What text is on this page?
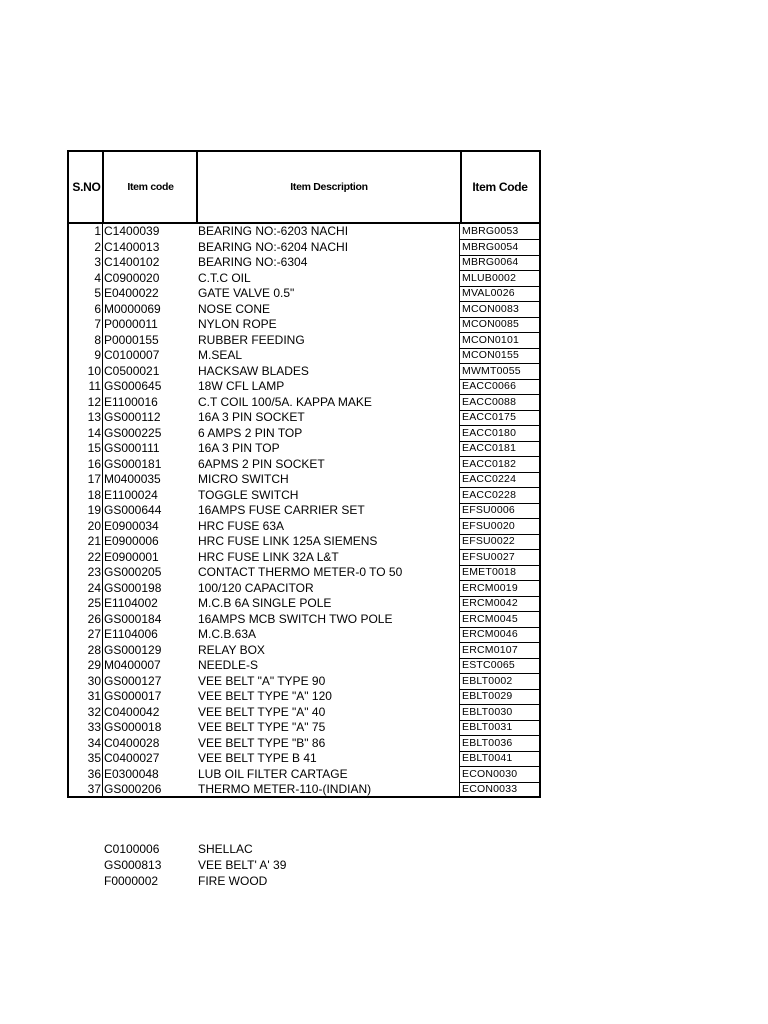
S.NO	Item code	Item Description	Item Code
1 C1400039	BEARING NO:-6203 NACHI	MBRG0053
2 C1400013	BEARING NO:-6204 NACHI	MBRG0054
3 C1400102	BEARING NO:-6304	MBRG0064
4 C0900020	C.T.C OIL	MLUB0002
5 E0400022	GATE VALVE 0.5"	MVAL0026
6 M0000069	NOSE CONE	MCON0083
7 P0000011	NYLON ROPE	MCON0085
8 P0000155	RUBBER FEEDING	MCON0101
9 C0100007	M.SEAL	MCON0155
10 C0500021	HACKSAW BLADES	MWMT0055
11 GS000645	18W CFL LAMP	EACC0066
12 E1100016	C.T COIL 100/5A. KAPPA MAKE	EACC0088
13 GS000112	16A 3 PIN SOCKET	EACC0175
14 GS000225	6 AMPS 2 PIN TOP	EACC0180
15 GS000111	16A 3 PIN TOP	EACC0181
16 GS000181	6APMS 2 PIN SOCKET	EACC0182
17 M0400035	MICRO SWITCH	EACC0224
18 E1100024	TOGGLE SWITCH	EACC0228
19 GS000644	16AMPS FUSE CARRIER SET	EFSU0006
20 E0900034	HRC FUSE 63A	EFSU0020
21 E0900006	HRC FUSE LINK 125A SIEMENS	EFSU0022
22 E0900001	HRC FUSE LINK 32A L&T	EFSU0027
23 GS000205	CONTACT THERMO METER-0 TO 50	EMET0018
24 GS000198	100/120 CAPACITOR	ERCM0019
25 E1104002	M.C.B 6A SINGLE POLE	ERCM0042
26 GS000184	16AMPS MCB SWITCH TWO POLE	ERCM0045
27 E1104006	M.C.B.63A	ERCM0046
28 GS000129	RELAY BOX	ERCM0107
29 M0400007	NEEDLE-S	ESTC0065
30 GS000127	VEE BELT "A" TYPE 90	EBLT0002
31 GS000017	VEE BELT TYPE "A" 120	EBLT0029
32 C0400042	VEE BELT TYPE "A" 40	EBLT0030
33 GS000018	VEE BELT TYPE "A" 75	EBLT0031
34 C0400028	VEE BELT TYPE "B" 86	EBLT0036
35 C0400027	VEE BELT TYPE B 41	EBLT0041
36 E0300048	LUB OIL FILTER CARTAGE	ECON0030
37 GS000206	THERMO METER-110-(INDIAN)	ECON0033
C0100006	SHELLAC
GS000813	VEE BELT' A' 39
F0000002	FIRE WOOD
